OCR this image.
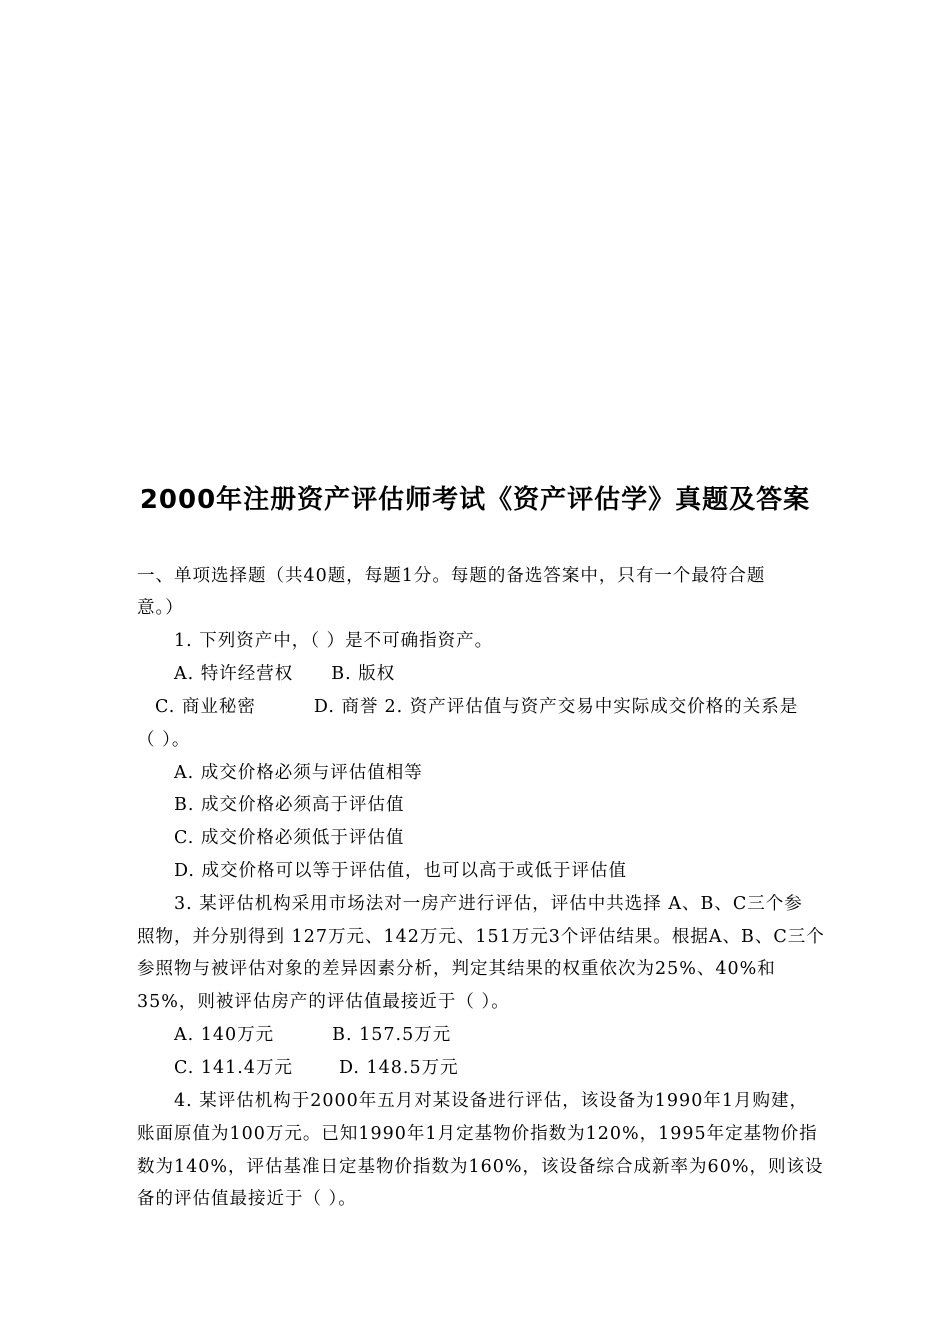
2000年注册资产评估师考试《资产评估学》真题及答案
一、单项选择题（共40题，每题1分。每题的备选答案中，只有一个最符合题
意。）
1. 下列资产中，（ ）是不可确指资产。
A. 特许经营权 B. 版权
C. 商业秘密	D. 商誉 2. 资产评估值与资产交易中实际成交价格的关系是
（ ）。
A. 成交价格必须与评估值相等
B. 成交价格必须高于评估值
C. 成交价格必须低于评估值
D. 成交价格可以等于评估值，也可以高于或低于评估值
3. 某评估机构采用市场法对一房产进行评估，评估中共选择 A、B、C三个参
照物，并分别得到 127万元、142万元、151万元3个评估结果。根据A、B、C三个
参照物与被评估对象的差异因素分析，判定其结果的权重依次为25%、40%和
35%，则被评估房产的评估值最接近于（ ）。
A. 140万元	B. 157.5万元
C. 141.4万元	D. 148.5万元
4. 某评估机构于2000年五月对某设备进行评估，该设备为1990年1月购建，
账面原值为100万元。已知1990年1月定基物价指数为120%，1995年定基物价指
数为140%，评估基准日定基物价指数为160%，该设备综合成新率为60%，则该设
备的评估值最接近于（ ）。
